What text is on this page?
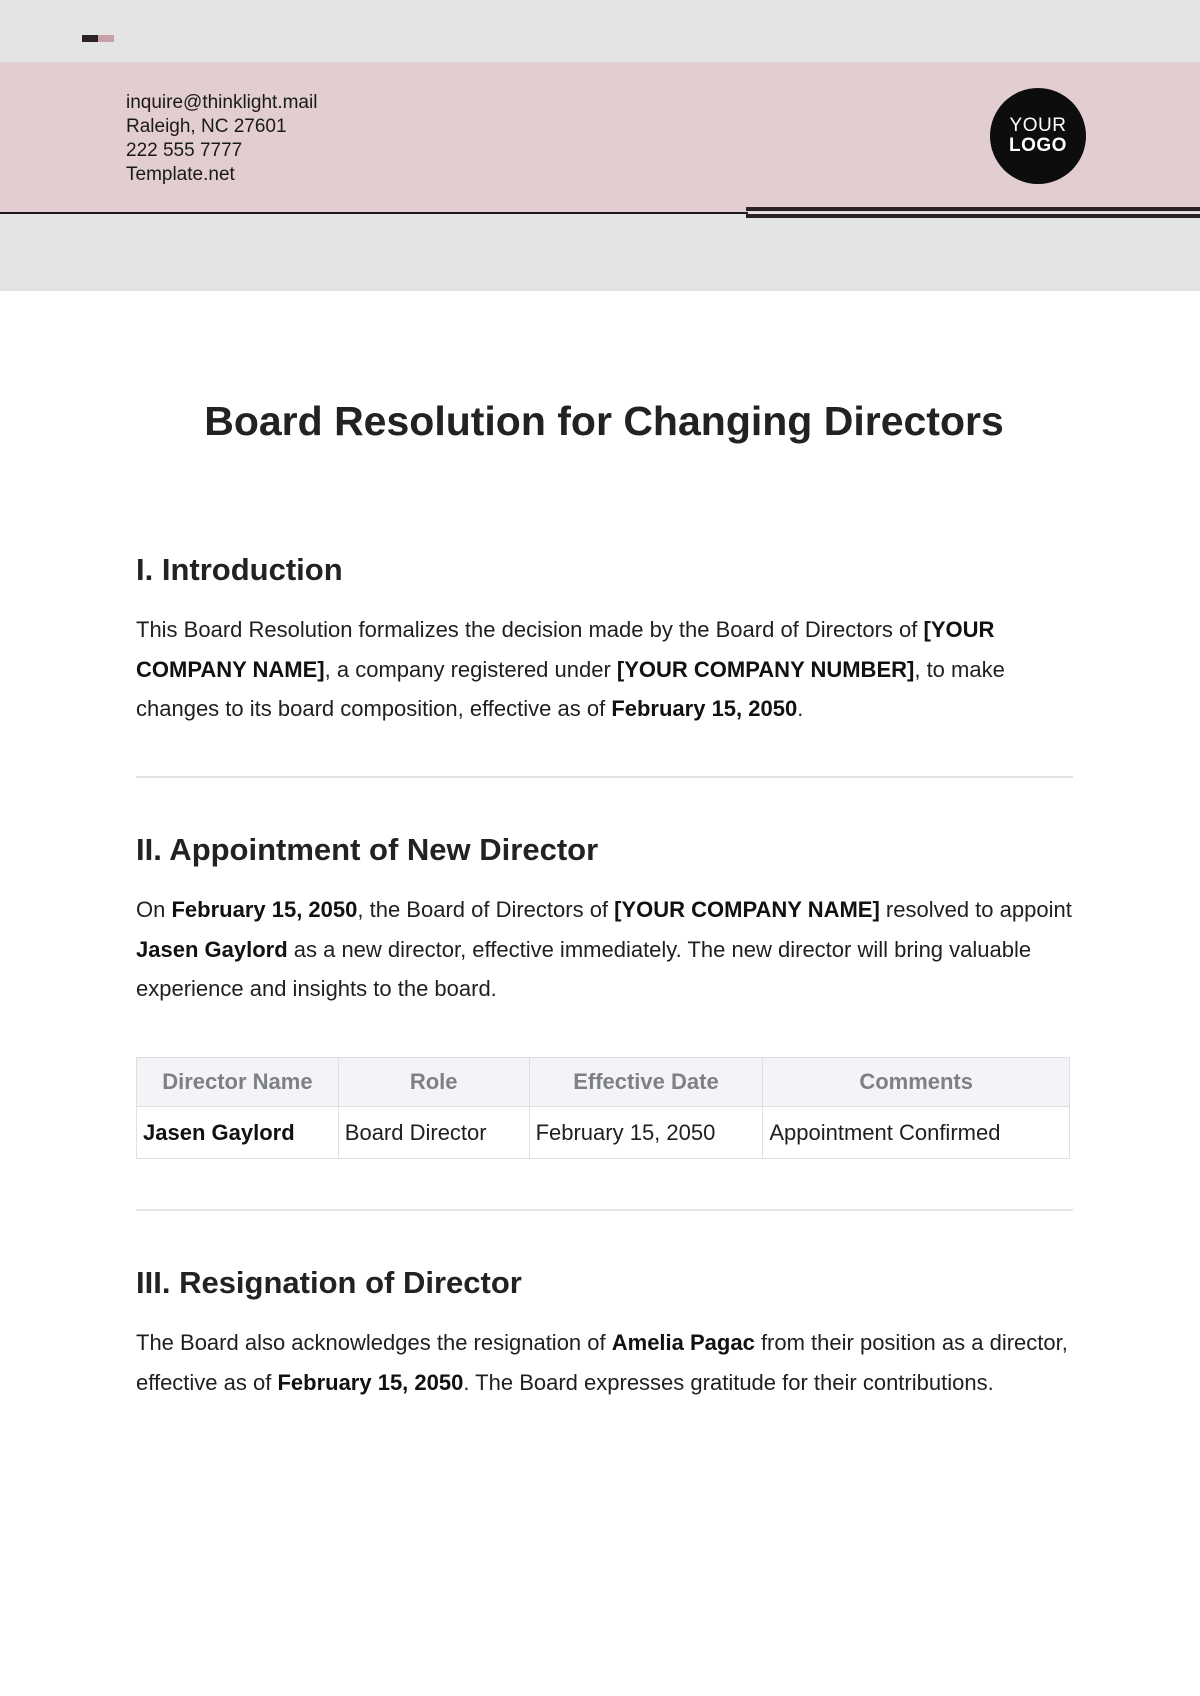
inquire@thinklight.mail
Raleigh, NC 27601
222 555 7777
Template.net
YOUR
LOGO
Board Resolution for Changing Directors
I. Introduction

This Board Resolution formalizes the decision made by the Board of Directors of [YOUR COMPANY NAME], a company registered under [YOUR COMPANY NUMBER], to make changes to its board composition, effective as of February 15, 2050.

II. Appointment of New Director

On February 15, 2050, the Board of Directors of [YOUR COMPANY NAME] resolved to appoint Jasen Gaylord as a new director, effective immediately. The new director will bring valuable experience and insights to the board.

Director Name	Role	Effective Date	Comments
Jasen Gaylord	Board Director	February 15, 2050	Appointment Confirmed
III. Resignation of Director

The Board also acknowledges the resignation of Amelia Pagac from their position as a director, effective as of February 15, 2050. The Board expresses gratitude for their contributions.
